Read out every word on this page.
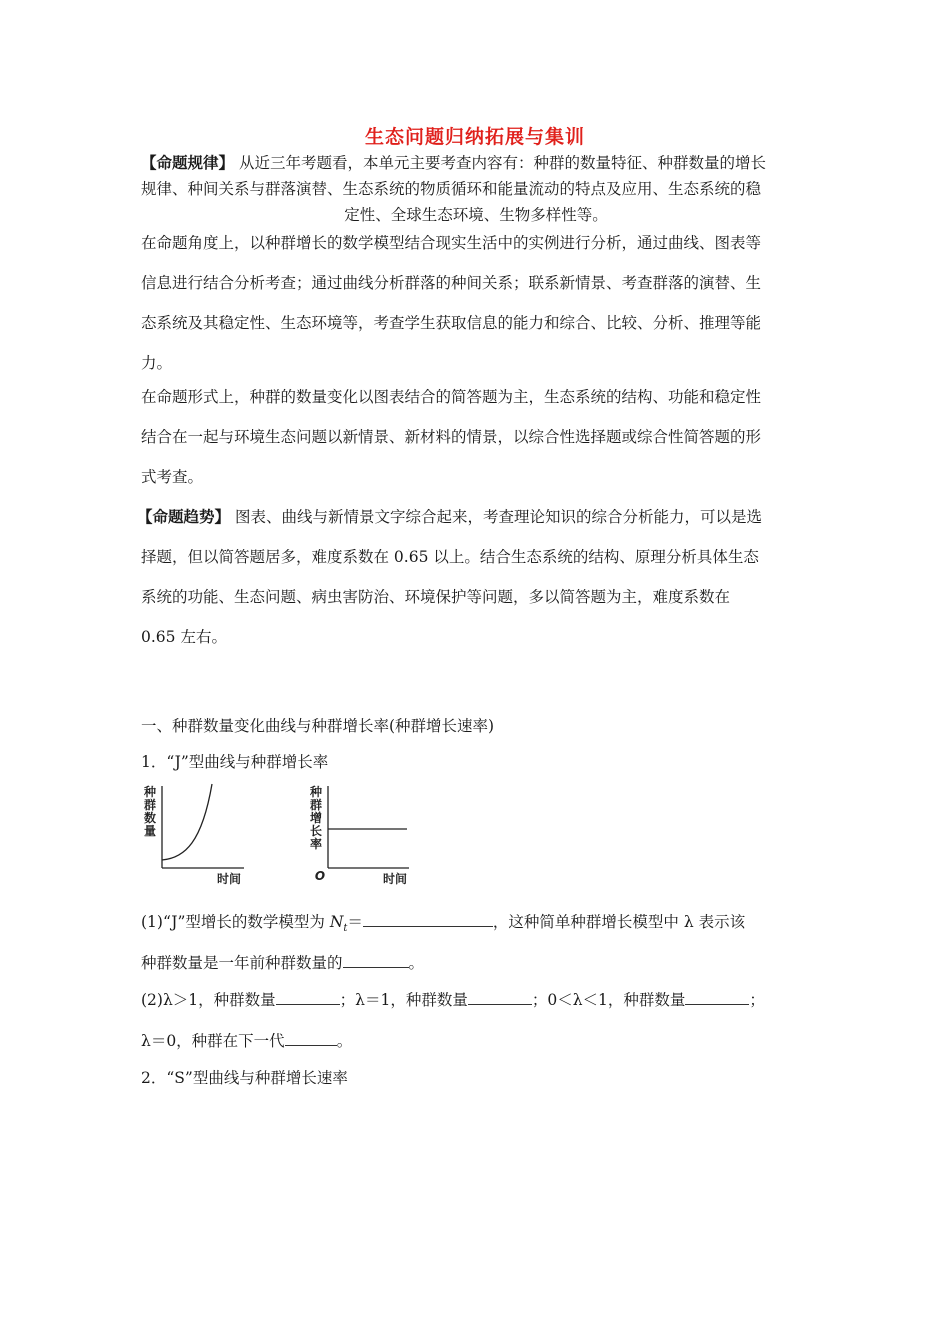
生态问题归纳拓展与集训
【命题规律】 从近三年考题看，本单元主要考查内容有：种群的数量特征、种群数量的增长
规律、种间关系与群落演替、生态系统的物质循环和能量流动的特点及应用、生态系统的稳
定性、全球生态环境、生物多样性等。
在命题角度上，以种群增长的数学模型结合现实生活中的实例进行分析，通过曲线、图表等
信息进行结合分析考查；通过曲线分析群落的种间关系；联系新情景、考查群落的演替、生
态系统及其稳定性、生态环境等，考查学生获取信息的能力和综合、比较、分析、推理等能
力。
在命题形式上，种群的数量变化以图表结合的简答题为主，生态系统的结构、功能和稳定性
结合在一起与环境生态问题以新情景、新材料的情景，以综合性选择题或综合性简答题的形
式考查。
【命题趋势】 图表、曲线与新情景文字综合起来，考查理论知识的综合分析能力，可以是选
择题，但以简答题居多，难度系数在 0.65 以上。结合生态系统的结构、原理分析具体生态
系统的功能、生态问题、病虫害防治、环境保护等问题，多以简答题为主，难度系数在
0.65 左右。
一、种群数量变化曲线与种群增长率(种群增长速率)
1．“J”型曲线与种群增长率
种
群
数
量
时间
种
群
增
长
率
O	时间
(1)“J”型增长的数学模型为 $N_t=$	，这种简单种群增长模型中 λ 表示该
种群数量是一年前种群数量的	。
(2)λ＞1，种群数量	；λ＝1，种群数量	；0＜λ＜1，种群数量	；
λ＝0，种群在下一代	。
2．“S”型曲线与种群增长速率
